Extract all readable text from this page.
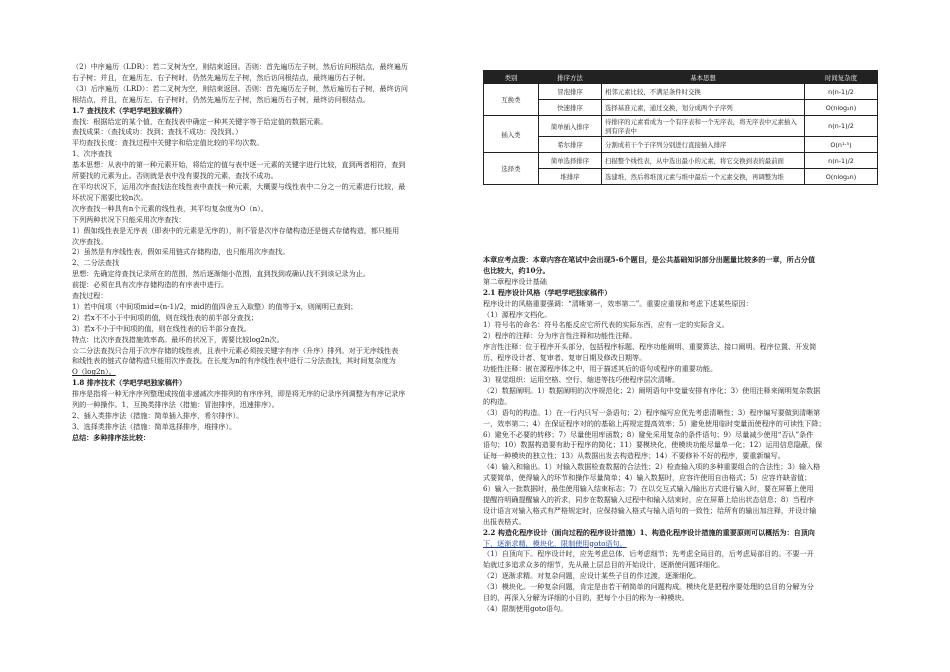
（2）中序遍历（LDR）：若二叉树为空，则结束返回。否则：首先遍历左子树，然后访问根结点，最终遍历
右子树；并且，在遍历左、右子树时，仍然先遍历左子树，然后访问根结点，最终遍历右子树。
（3）后序遍历（LRD）：若二叉树为空，则结束返回。否则：首先遍历左子树，然后遍历右子树，最终访问
根结点，并且，在遍历左、右子树时，仍然先遍历左子树，然后遍历右子树，最终访问根结点。
1.7 查找技术（学吧学吧独家稿件）
查找：根据给定的某个值，在查找表中确定一种其关键字等于给定值的数据元素。
查找成果：（查找成功：找到；查找不成功：没找到。）
平均查找长度：查找过程中关键字和给定值比较的平均次数。
1、次序查找
基本思想：从表中的第一种元素开始，将给定的值与表中逐一元素的关键字进行比较，直到两者相符，查到
所要找的元素为止。否则就是表中没有要找的元素，查找不成功。
在平均状况下，运用次序查找法在线性表中查找一种元素，大概要与线性表中二分之一的元素进行比较，最
坏状况下需要比较n次。
次序查找一种具有n个元素的线性表，其平均复杂度为O（n）。
下列两种状况下只能采用次序查找：
1）假如线性表是无序表（即表中的元素是无序的），则不管是次序存储构造还是链式存储构造，都只能用
次序查找。
2）虽然是有序线性表，假如采用链式存储构造，也只能用次序查找。
2、二分法查找
思想：先确定待查找记录所在的范围，然后逐渐缩小范围，直到找到或确认找不到该记录为止。
前提：必须在具有次序存储构造的有序表中进行。
查找过程：
1）若中间项（中间项mid=(n-1)/2，mid的值四舍五入取整）的值等于x，则阐明已查到；
2）若x不不小于中间项的值，则在线性表的前半部分查找；
3）若x不小于中间项的值，则在线性表的后半部分查找。
特点：比次序查找措施效率高。最坏的状况下，需要比较log2n次。
☆二分法查找只合用于次序存储的线性表，且表中元素必须按关键字有序（升序）排列。对于无序线性表
和线性表的链式存储构造只能用次序查找。在长度为n的有序线性表中进行二分法查找，其时间复杂度为
O（log2n）。
1.8 排序技术（学吧学吧独家稿件）
排序是指将一种无序序列整理成按值非递减次序排列的有序序列，即是将无序的记录序列调整为有序记录序
列的一种操作。1、互换类排序法（措施：冒泡排序，迅速排序）。
2、插入类排序法（措施：简单插入排序，希尔排序）。
3、选择类排序法（措施：简单选择排序，堆排序）。
总结：多种排序法比较：
类别	排序方法	基本思想	时间复杂度
互换类	冒泡排序	相邻元素比较，不满足条件时交换	n(n-1)/2
	快速排序	选择基准元素，通过交换，划分成两个子序列	O(nlog₂n)
插入类	简单插入排序	待排序的元素看成为一个有序表和一个无序表，将无序表中元素插入到有序表中	n(n-1)/2
	希尔排序	分割成若干个子序列分别进行直接插入排序	O(n¹·⁵)
选择类	简单选择排序	扫描整个线性表，从中选出最小的元素，将它交换到表的最前面	n(n-1)/2
	堆排序	选建堆，然后将堆顶元素与堆中最后一个元素交换，再调整为堆	O(nlog₂n)
本章应考点拨：本章内容在笔试中会出现5-6个题目，是公共基础知识部分出题量比较多的一章，所占分值
也比较大，约10分。
第二章程序设计基础
2.1 程序设计风格（学吧学吧独家稿件）
程序设计的风格重要强调：“清晰第一，效率第二”。重要应重视和考虑下述某些原因：
（1）源程序文档化。
1）符号名的命名：符号名能反应它所代表的实际东西，应有一定的实际含义。
2）程序的注释：分为序言性注释和功能性注释。
序言性注释：位于程序开头部分，包括程序标题、程序功能阐明、重要算法、接口阐明、程序位置、开发简
历、程序设计者、复审者、复审日期及修改日期等。
功能性注释：嵌在源程序体之中，用于描述其后的语句或程序的重要功能。
3）视觉组织：运用空格、空行、缩进等技巧使程序层次清晰。
（2）数据阐明。1）数据阐明的次序规范化；2）阐明语句中变量安排有序化；3）使用注释来阐明复杂数据
的构造。
（3）语句的构造。1）在一行内只写一条语句；2）程序编写应优先考虑清晰性；3）程序编写要做到清晰第
一，效率第二；4）在保证程序对的的基础上再规定提高效率；5）避免使用临时变量而使程序的可读性下降；
6）避免不必要的转移；7）尽量使用库函数；8）避免采用复杂的条件语句；9）尽量减少使用“否认”条件
语句；10）数据构造要有助于程序的简化；11）要模块化，使模块功能尽量单一化；12）运用信息隐蔽，保
证每一种模块的独立性；13）从数据出发去构造程序；14）不要修补不好的程序，要重新编写。
（4）输入和输出。1）对输入数据检查数据的合法性；2）检查输入项的多种重要组合的合法性；3）输入格
式要简单，使得输入的环节和操作尽量简单；4）输入数据时，应容许使用自由格式；5）应容许缺省值；
6）输入一批数据时，最佳使用输入结束标志；7）在以交互式输入/输出方式进行输入时，要在屏幕上使用
提醒符明确提醒输入的祈求，同步在数据输入过程中和输入结束时，应在屏幕上给出状态信息；8）当程序
设计语言对输入格式有严格规定时，应保持输入格式与输入语句的一致性；给所有的输出加注释，并设计输
出报表格式。
2.2 构造化程序设计（面向过程的程序设计措施）1、构造化程序设计措施的重要原则可以概括为：自顶向
下，逐渐求精，模块化，限制使用goto语句。
（1）自顶向下。程序设计时，应先考虑总体，后考虑细节；先考虑全局目的，后考虑局部目的。不要一开
始就过多追求众多的细节，先从最上层总目的开始设计，逐渐使问题详细化。
（2）逐渐求精。对复杂问题，应设计某些子目的作过渡，逐渐细化。
（3）模块化。一种复杂问题，肯定是由若干稍简单的问题构成。模块化是把程序要处理的总目的分解为分
目的，再深入分解为详细的小目的，把每个小目的称为一种模块。
（4）限制使用goto语句。
